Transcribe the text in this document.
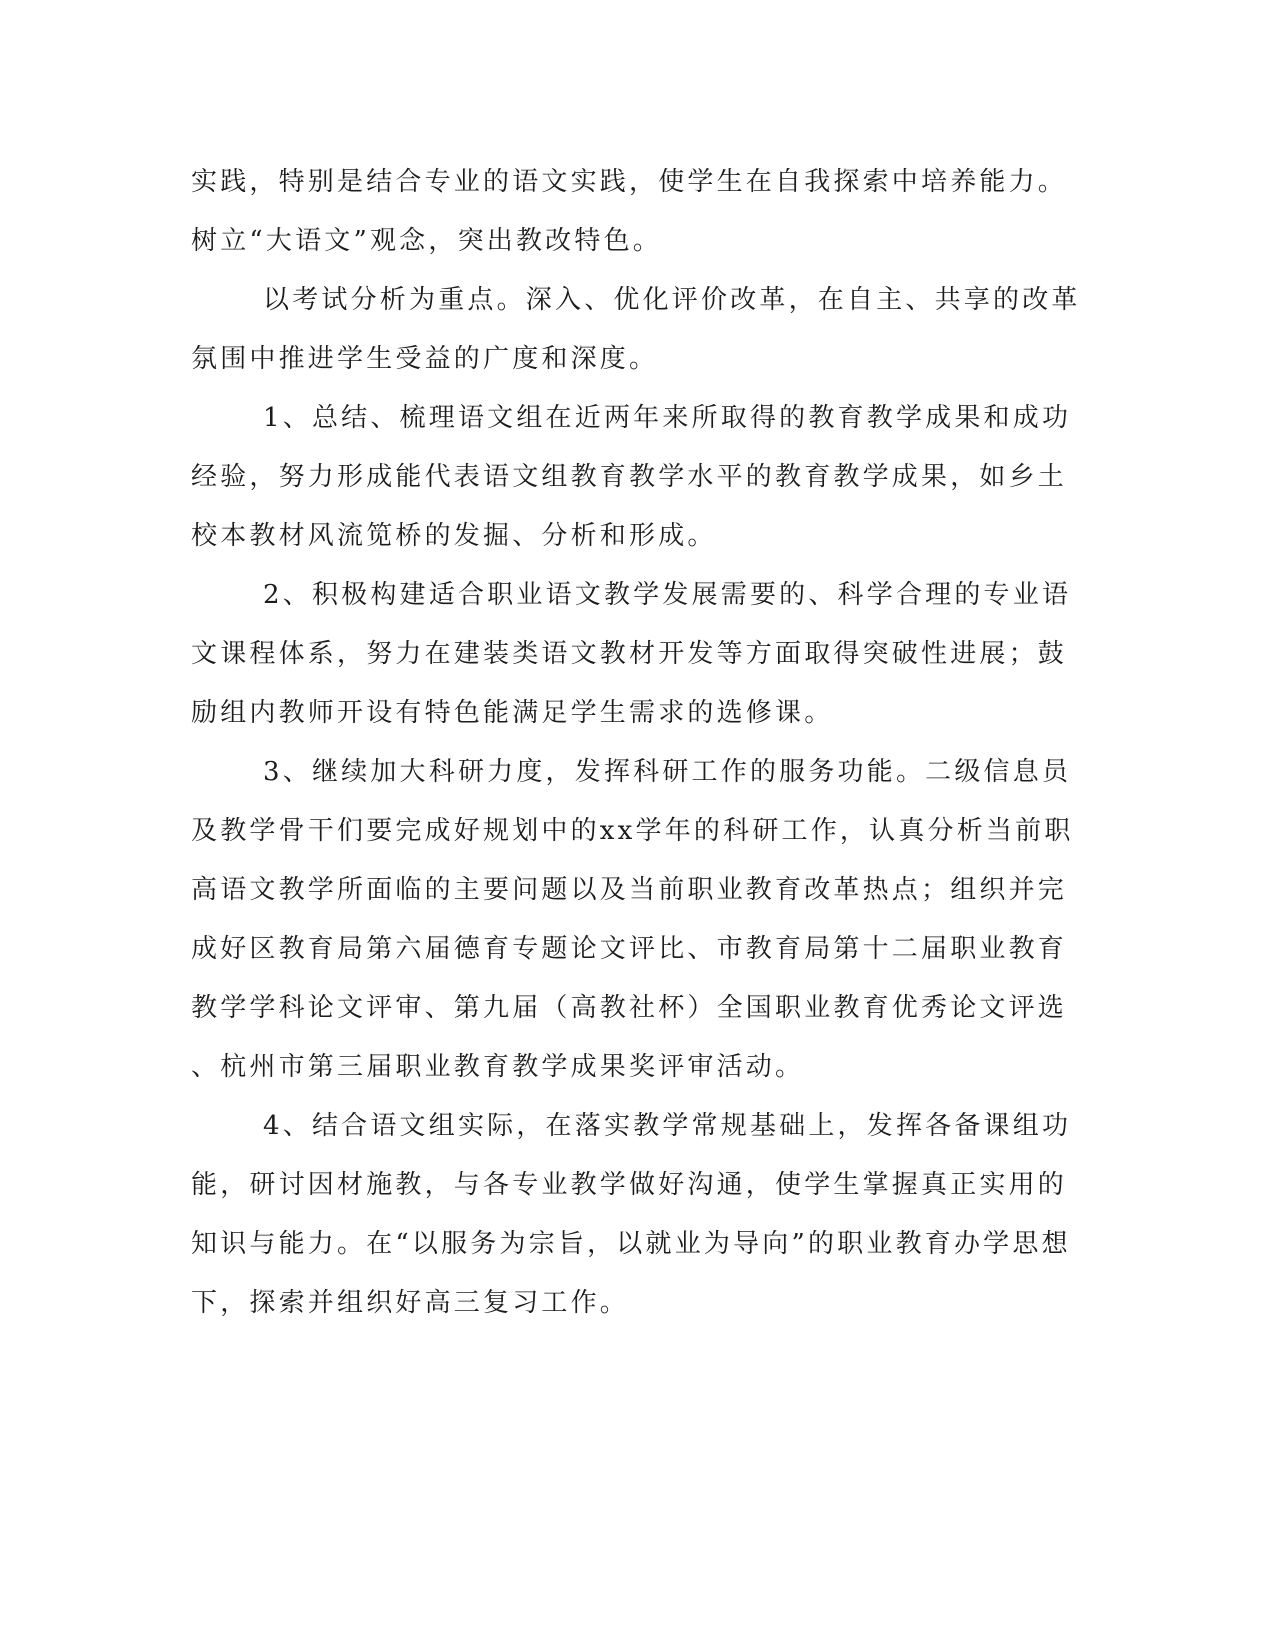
实践，特别是结合专业的语文实践，使学生在自我探索中培养能力。
树立“大语文”观念，突出教改特色。
以考试分析为重点。深入、优化评价改革，在自主、共享的改革
氛围中推进学生受益的广度和深度。
1、总结、梳理语文组在近两年来所取得的教育教学成果和成功
经验，努力形成能代表语文组教育教学水平的教育教学成果，如乡土
校本教材风流笕桥的发掘、分析和形成。
2、积极构建适合职业语文教学发展需要的、科学合理的专业语
文课程体系，努力在建装类语文教材开发等方面取得突破性进展；鼓
励组内教师开设有特色能满足学生需求的选修课。
3、继续加大科研力度，发挥科研工作的服务功能。二级信息员
及教学骨干们要完成好规划中的xx学年的科研工作，认真分析当前职
高语文教学所面临的主要问题以及当前职业教育改革热点；组织并完
成好区教育局第六届德育专题论文评比、市教育局第十二届职业教育
教学学科论文评审、第九届（高教社杯）全国职业教育优秀论文评选
、杭州市第三届职业教育教学成果奖评审活动。
4、结合语文组实际，在落实教学常规基础上，发挥各备课组功
能，研讨因材施教，与各专业教学做好沟通，使学生掌握真正实用的
知识与能力。在“以服务为宗旨，以就业为导向”的职业教育办学思想
下，探索并组织好高三复习工作。
